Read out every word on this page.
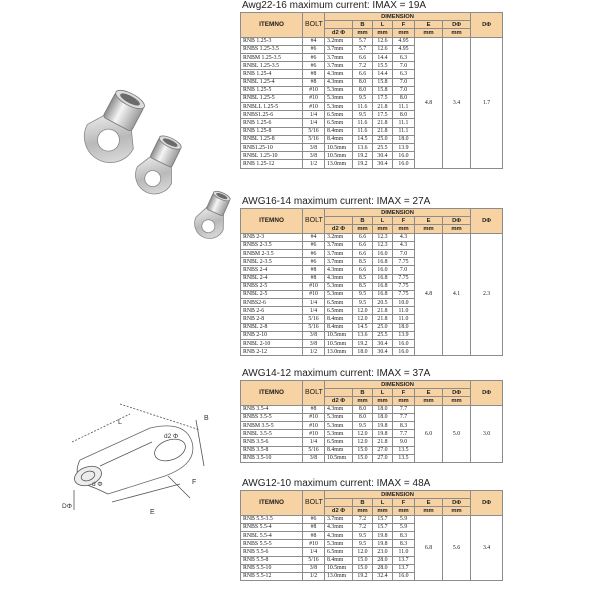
L
B
d2 Φ
d Φ
DΦ
E
F
Awg22-16 maximum current: IMAX = 19A
ITEMNO	BOLT	DIMENSION						DΦ
			B	L	F	E	DΦ	
		d2 Φ	mm	mm	mm	mm	mm	
RNB 1.25-3	#4	3.2mm	5.7	12.6	4.95	4.8	3.4	1.7
RNBS 1.25-3.5	#6	3.7mm	5.7	12.6	4.95			
RNBM 1.25-3.5	#6	3.7mm	6.6	14.4	6.3			
RNBL 1.25-3.5	#6	3.7mm	7.2	15.5	7.0			
RNB 1.25-4	#8	4.3mm	6.6	14.4	6.3			
RNBL 1.25-4	#8	4.3mm	8.0	15.8	7.0			
RNB 1.25-5	#10	5.3mm	8.0	15.8	7.0			
RNBL 1.25-5	#10	5.3mm	9.5	17.5	8.0			
RNBLL 1.25-5	#10	5.3mm	11.6	21.8	11.1			
RNBS1.25-6	1/4	6.5mm	9.5	17.5	8.0			
RNB 1.25-6	1/4	6.5mm	11.6	21.8	11.1			
RNB 1.25-8	5/16	8.4mm	11.6	21.8	11.1			
RNBL 1.25-8	5/16	8.4mm	14.5	25.0	18.0			
RNB1.25-10	3/8	10.5mm	13.6	25.5	13.9			
RNBL 1.25-10	3/8	10.5mm	19.2	30.4	16.0			
RNB 1.25-12	1/2	13.0mm	19.2	30.4	16.0			
AWG16-14 maximum current: IMAX = 27A
ITEMNO	BOLT	DIMENSION						DΦ
			B	L	F	E	DΦ	
		d2 Φ	mm	mm	mm	mm	mm	
RNB 2-3	#4	3.2mm	6.6	12.3	4.3	4.8	4.1	2.3
RNBS 2-3.5	#6	3.7mm	6.6	12.3	4.3			
RNBM 2-3.5	#6	3.7mm	6.6	16.0	7.0			
RNBL 2-3.5	#6	3.7mm	8.5	16.8	7.75			
RNBS 2-4	#8	4.3mm	6.6	16.0	7.0			
RNBL 2-4	#8	4.3mm	8.5	16.8	7.75			
RNBS 2-5	#10	5.3mm	8.5	16.8	7.75			
RNBL 2-5	#10	5.3mm	9.5	16.8	7.75			
RNBS2-6	1/4	6.5mm	9.5	20.5	10.0			
RNB 2-6	1/4	6.5mm	12.0	21.8	11.0			
RNB 2-8	5/16	8.4mm	12.0	21.8	11.0			
RNBL 2-8	5/16	8.4mm	14.5	25.0	18.0			
RNB 2-10	3/8	10.5mm	13.6	25.5	13.9			
RNBL 2-10	3/8	10.5mm	19.2	30.4	16.0			
RNB 2-12	1/2	13.0mm	18.0	30.4	16.0			
AWG14-12 maximum current: IMAX = 37A
ITEMNO	BOLT	DIMENSION						DΦ
			B	L	F	E	DΦ	
		d2 Φ	mm	mm	mm	mm	mm	
RNB 3.5-4	#8	4.3mm	8.0	18.0	7.7	6.0	5.0	3.0
RNBS 3.5-5	#10	5.3mm	8.0	18.0	7.7			
RNBM 3.5-5	#10	5.3mm	9.5	19.8	8.3			
RNBL 3.5-5	#10	5.3mm	12.0	19.8	7.7			
RNB 3.5-6	1/4	6.5mm	12.0	21.8	9.0			
RNB 3.5-8	5/16	8.4mm	15.0	27.0	13.5			
RNB 3.5-10	3/8	10.5mm	15.0	27.0	13.5			
AWG12-10 maximum current: IMAX = 48A
ITEMNO	BOLT	DIMENSION						DΦ
			B	L	F	E	DΦ	
		d2 Φ	mm	mm	mm	mm	mm	
RNB 5.5-3.5	#6	3.7mm	7.2	15.7	5.9	6.8	5.6	3.4
RNBS 5.5-4	#8	4.3mm	7.2	15.7	5.9			
RNBL 5.5-4	#8	4.3mm	9.5	19.8	8.3			
RNBS 5.5-5	#10	5.3mm	9.5	19.8	8.3			
RNB 5.5-6	1/4	6.5mm	12.0	23.0	11.0			
RNB 5.5-8	5/16	8.4mm	15.0	28.0	13.7			
RNB 5.5-10	3/8	10.5mm	15.0	28.0	13.7			
RNB 5.5-12	1/2	13.0mm	19.2	32.4	16.0			
